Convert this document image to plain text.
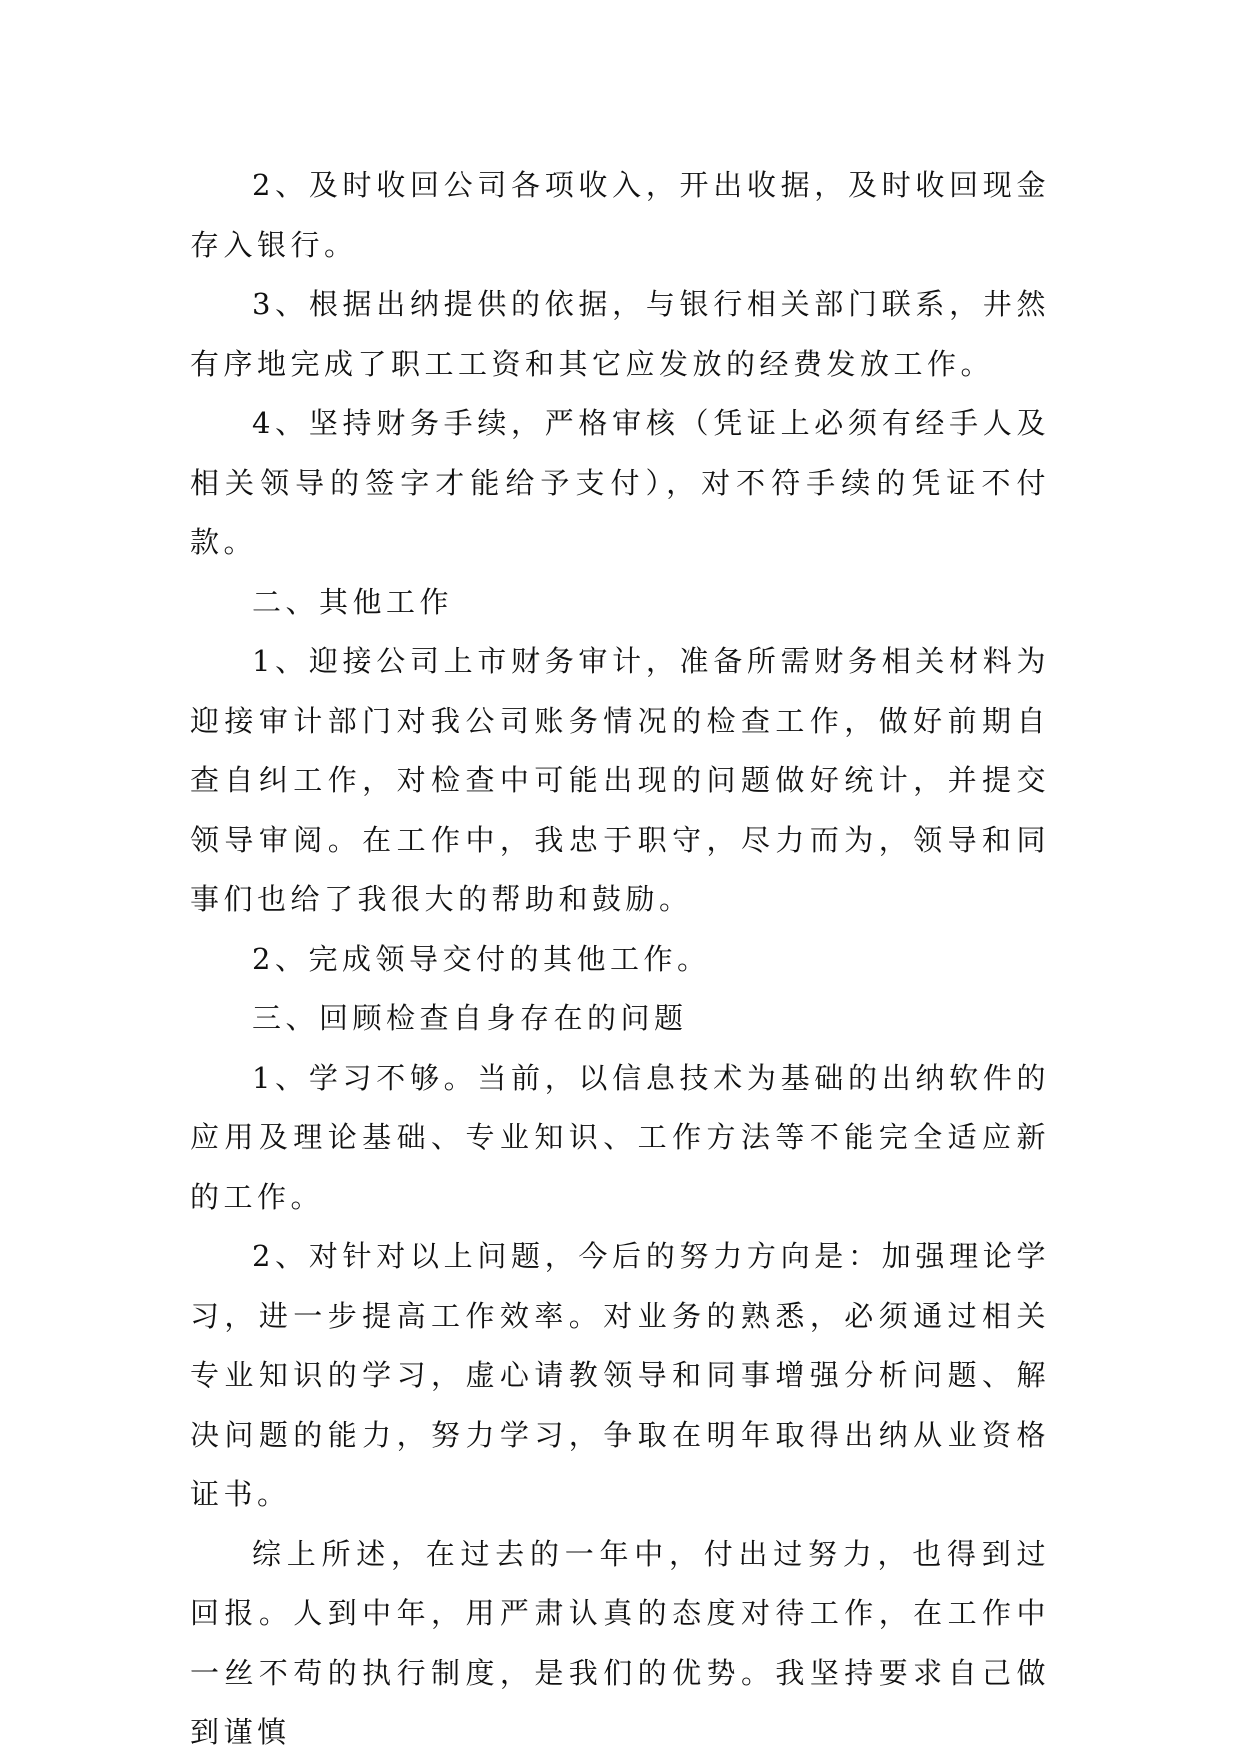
2、及时收回公司各项收入，开出收据，及时收回现金存入银行。

3、根据出纳提供的依据，与银行相关部门联系，井然有序地完成了职工工资和其它应发放的经费发放工作。

4、坚持财务手续，严格审核（凭证上必须有经手人及相关领导的签字才能给予支付），对不符手续的凭证不付款。

二、其他工作

1、迎接公司上市财务审计，准备所需财务相关材料为迎接审计部门对我公司账务情况的检查工作，做好前期自查自纠工作，对检查中可能出现的问题做好统计，并提交领导审阅。在工作中，我忠于职守，尽力而为，领导和同事们也给了我很大的帮助和鼓励。

2、完成领导交付的其他工作。

三、回顾检查自身存在的问题

1、学习不够。当前，以信息技术为基础的出纳软件的应用及理论基础、专业知识、工作方法等不能完全适应新的工作。

2、对针对以上问题，今后的努力方向是：加强理论学习，进一步提高工作效率。对业务的熟悉，必须通过相关专业知识的学习，虚心请教领导和同事增强分析问题、解决问题的能力，努力学习，争取在明年取得出纳从业资格证书。

综上所述，在过去的一年中，付出过努力，也得到过回报。人到中年，用严肃认真的态度对待工作，在工作中一丝不苟的执行制度，是我们的优势。我坚持要求自己做到谨慎
